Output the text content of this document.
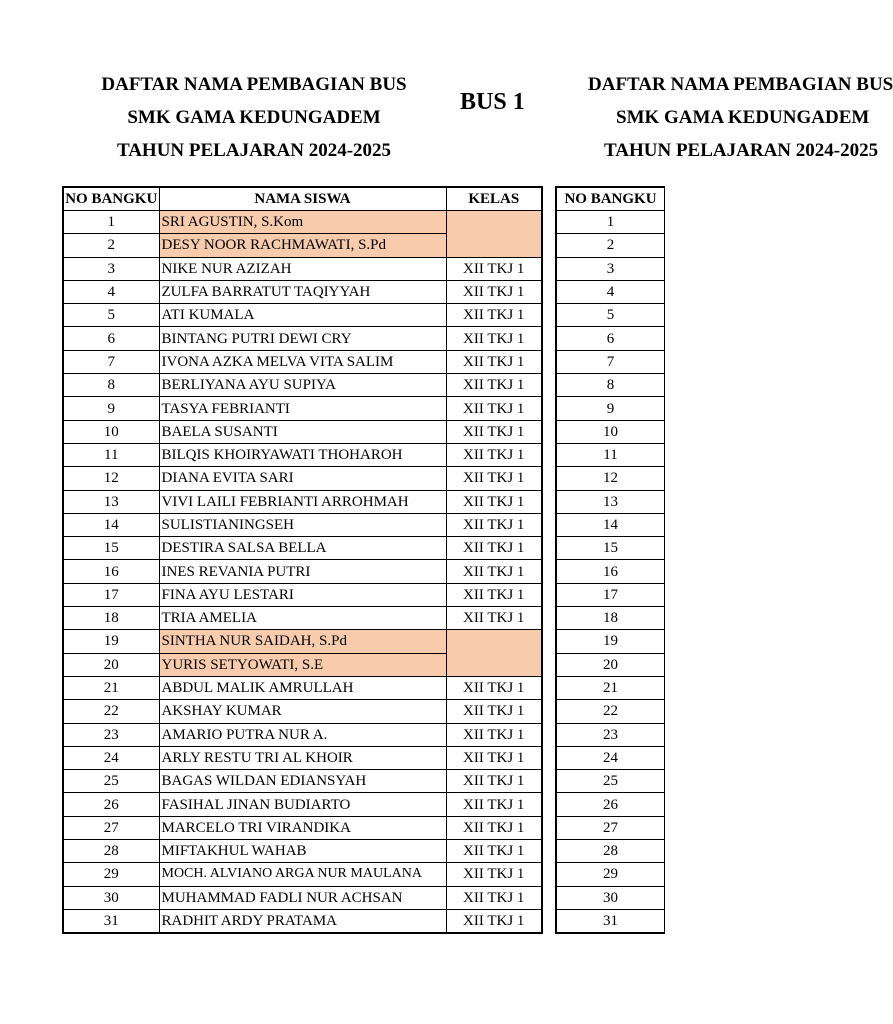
DAFTAR NAMA PEMBAGIAN BUS
SMK GAMA KEDUNGADEM
TAHUN PELAJARAN 2024-2025
BUS 1
DAFTAR NAMA PEMBAGIAN BUS
SMK GAMA KEDUNGADEM
TAHUN PELAJARAN 2024-2025
NO BANGKU	NAMA SISWA	KELAS
1	SRI AGUSTIN, S.Kom	
2	DESY NOOR RACHMAWATI, S.Pd	
3	NIKE NUR AZIZAH	XII TKJ 1
4	ZULFA BARRATUT TAQIYYAH	XII TKJ 1
5	ATI KUMALA	XII TKJ 1
6	BINTANG PUTRI DEWI CRY	XII TKJ 1
7	IVONA AZKA MELVA VITA SALIM	XII TKJ 1
8	BERLIYANA AYU SUPIYA	XII TKJ 1
9	TASYA FEBRIANTI	XII TKJ 1
10	BAELA SUSANTI	XII TKJ 1
11	BILQIS KHOIRYAWATI THOHAROH	XII TKJ 1
12	DIANA EVITA SARI	XII TKJ 1
13	VIVI LAILI FEBRIANTI ARROHMAH	XII TKJ 1
14	SULISTIANINGSEH	XII TKJ 1
15	DESTIRA SALSA BELLA	XII TKJ 1
16	INES REVANIA PUTRI	XII TKJ 1
17	FINA AYU LESTARI	XII TKJ 1
18	TRIA AMELIA	XII TKJ 1
19	SINTHA NUR SAIDAH, S.Pd	
20	YURIS SETYOWATI, S.E	
21	ABDUL MALIK AMRULLAH	XII TKJ 1
22	AKSHAY KUMAR	XII TKJ 1
23	AMARIO PUTRA NUR A.	XII TKJ 1
24	ARLY RESTU TRI AL KHOIR	XII TKJ 1
25	BAGAS WILDAN EDIANSYAH	XII TKJ 1
26	FASIHAL JINAN BUDIARTO	XII TKJ 1
27	MARCELO TRI VIRANDIKA	XII TKJ 1
28	MIFTAKHUL WAHAB	XII TKJ 1
29	MOCH. ALVIANO ARGA NUR MAULANA	XII TKJ 1
30	MUHAMMAD FADLI NUR ACHSAN	XII TKJ 1
31	RADHIT ARDY PRATAMA	XII TKJ 1
NO BANGKU
1
2
3
4
5
6
7
8
9
10
11
12
13
14
15
16
17
18
19
20
21
22
23
24
25
26
27
28
29
30
31
